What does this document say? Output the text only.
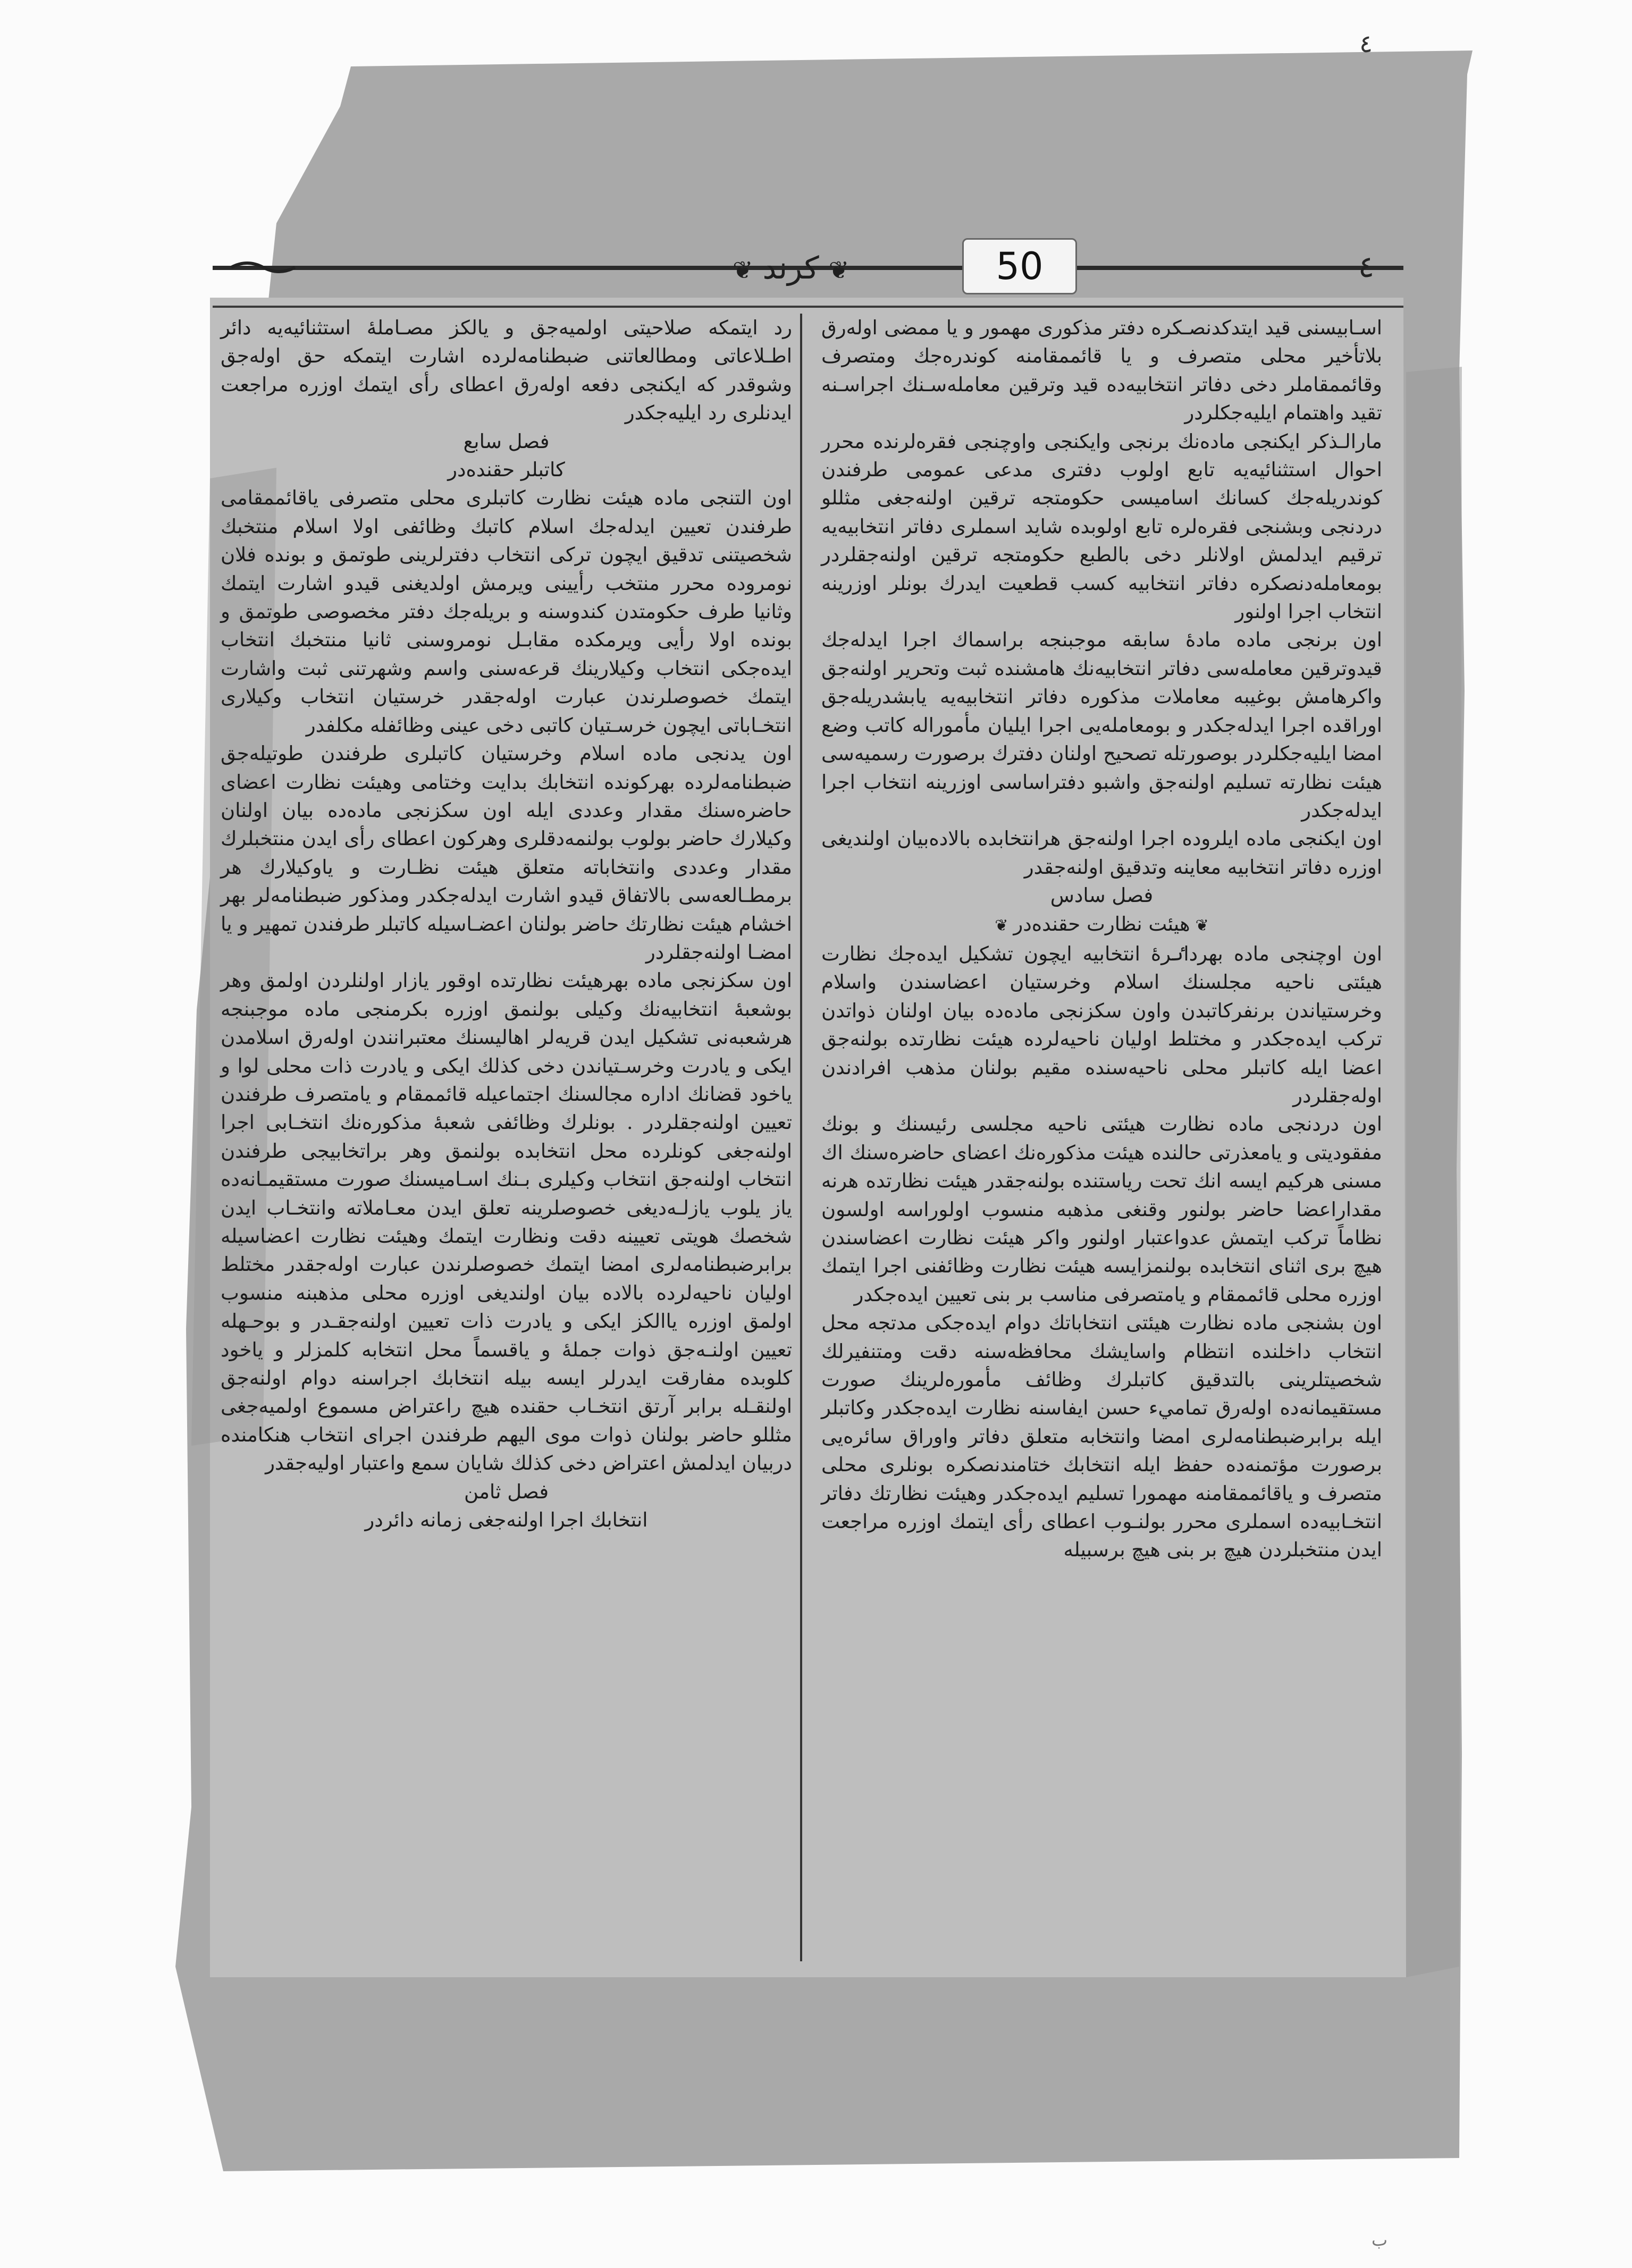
٤
❦كرند❦	50	٤

اسـابيسنى قيد ايتدكدنصـكره دفتر مذكورى مهمور و يا ممضى اولەرق بلاتأخير محلى متصرف و يا قائممقامنه كوندرەجك ومتصرف وقائممقاملر دخى دفاتر انتخابيەده قيد وترقين معاملەسـنك اجراسـنه تقيد واهتمام ايليەجكلردر

مارالـذكر ايكنجى مادەنك برنجى وايكنجى واوچنجى فقرەلرنده محرر احوال استثنائيەيه تابع اولوب دفترى مدعى عمومى طرفندن كوندريلەجك كسانك اساميسى حكومتجه ترقين اولنەجغى مثللو دردنجى وبشنجى فقرەلره تابع اولوبده شايد اسملرى دفاتر انتخابيەيه ترقيم ايدلمش اولانلر دخى بالطبع حكومتجه ترقين اولنەجقلردر بومعاملەدنصكره دفاتر انتخابيه كسب قطعيت ايدرك بونلر اوزرينه انتخاب اجرا اولنور

اون برنجى ماده مادۀ سابقه موجبنجه براسماك اجرا ايدلەجك قيدوترقين معاملەسى دفاتر انتخابيەنك هامشنده ثبت وتحرير اولنەجق واكرهامش بوغيبه معاملات مذكوره دفاتر انتخابيەيه يابشدريلەجق اوراقده اجرا ايدلەجكدر و بومعاملەيى اجرا ايليان مأموراله كاتب وضع امضا ايليەجكلردر بوصورتله تصحيح اولنان دفترك برصورت رسميەسى هيئت نظارته تسليم اولنەجق واشبو دفتراساسى اوزرينه انتخاب اجرا ايدلەجكدر

اون ايكنجى ماده ايلرودە اجرا اولنەجق هرانتخابده بالادەبيان اولنديغى اوزره دفاتر انتخابيه معاينه وتدقيق اولنەجقدر

فصل سادس

❦هيئت نظارت حقندەدر❦

اون اوچنجى ماده بهرداٸرۀ انتخابيه ايچون تشكيل ايدەجك نظارت هيئتى ناحيه مجلسنك اسلام وخرستيان اعضاسندن واسلام وخرستياندن برنفركاتبدن واون سكزنجى مادەده بيان اولنان ذواتدن تركب ايدەجكدر و مختلط اوليان ناحيەلرده هيئت نظارتده بولنەجق اعضا ايله كاتبلر محلى ناحيەسنده مقيم بولنان مذهب افرادندن اولەجقلردر

اون دردنجى ماده نظارت هيئتى ناحيه مجلسى رئيسنك و بونك مفقوديتى و يامعذرتى حالنده هيئت مذكورەنك اعضاى حاضرەسنك اك مسنى هركيم ايسه انك تحت رياستنده بولنەجقدر هيئت نظارتده هرنه مقداراعضا حاضر بولنور وقنغى مذهبه منسوب اولوراسه اولسون نظاماً تركب ايتمش عدواعتبار اولنور واكر هيئت نظارت اعضاسندن هيچ برى اثناى انتخابده بولنمزايسه هيئت نظارت وظائفنى اجرا ايتمك اوزره محلى قائممقام و يامتصرفى مناسب بر بنى تعيين ايدەجكدر

اون بشنجى ماده نظارت هيئتى انتخاباتك دوام ايدەجكى مدتجه محل انتخاب داخلنده انتظام واسايشك محافظەسنه دقت ومتنفيرلك شخصيتلرينى بالتدقيق كاتبلرك وظائف مأمورەلرينك صورت مستقيمانەده اولەرق تماميء حسن ايفاسنه نظارت ايدەجكدر وكاتبلر ايله برابرضبطنامەلرى امضا وانتخابه متعلق دفاتر واوراق سائرەيى برصورت مؤتمنەده حفظ ايله انتخابك ختامندنصكره بونلرى محلى متصرف و ياقائممقامنه مهمورا تسليم ايدەجكدر وهيئت نظارتك دفاتر انتخـابيەده اسملرى محرر بولنـوب اعطاى رأى ايتمك اوزره مراجعت ايدن منتخبلردن هيچ بر بنى هيچ برسبيله

رد ايتمكه صلاحيتى اولميەجق و يالكز مصـاملۀ استثنائيەيه دائر اطـلاعاتى ومطالعاتنى ضبطنامەلرده اشارت ايتمكه حق اولەجق وشوقدر كه ايكنجى دفعه اولەرق اعطاى رأى ايتمك اوزره مراجعت ايدنلرى رد ايليەجكدر

فصل سابع

كاتبلر حقندەدر

اون التنجى ماده هيئت نظارت كاتبلرى محلى متصرفى ياقائممقامى طرفندن تعيين ايدلەجك اسلام كاتبك وظائفى اولا اسلام منتخبك شخصيتنى تدقيق ايچون تركى انتخاب دفترلرينى طوتمق و بونده فلان نومرودە محرر منتخب رأيينى ويرمش اولديغنى قيدو اشارت ايتمك وثانيا طرف حكومتدن كندوسنه و بريلەجك دفتر مخصوصى طوتمق و بونده اولا رأيى ويرمكده مقابـل نومروسنى ثانيا منتخبك انتخاب ايدەجكى انتخاب وكيلارينك قرعەسنى واسم وشهرتنى ثبت واشارت ايتمك خصوصلرندن عبارت اولەجقدر خرستيان انتخاب وكيلارى انتخـاباتى ايچون خرسـتيان كاتبى دخى عينى وظائفله مكلفدر

اون يدنجى ماده اسلام وخرستيان كاتبلرى طرفندن طوتيلەجق ضبطنامەلرده بهركونده انتخابك بدايت وختامى وهيئت نظارت اعضاى حاضرەسنك مقدار وعددى ايله اون سكزنجى مادەدە بيان اولنان وكيلارك حاضر بولوب بولنمەدقلرى وهركون اعطاى رأى ايدن منتخبلرك مقدار وعددى وانتخاباته متعلق هيئت نظـارت و ياوكيلارك هر برمطـالعەسى بالاتفاق قيدو اشارت ايدلەجكدر ومذكور ضبطنامەلر بهر اخشام هيئت نظارتك حاضر بولنان اعضـاسيله كاتبلر طرفندن تمهير و يا امضـا اولنەجقلردر

اون سكزنجى ماده بهرهيئت نظارتدە اوقور يازار اولنلردن اولمق وهر بوشعبۀ انتخابيەنك وكيلى بولنمق اوزره بكرمنجى ماده موجبنجه هرشعبەنى تشكيل ايدن قريەلر اهاليسنك معتبرانندن اولەرق اسلامدن ايكى و يادرت وخرسـتياندن دخى كذلك ايكى و يادرت ذات محلى لوا و ياخود قضانك اداره مجالسنك اجتماعيله قائممقام و يامتصرف طرفندن تعيين اولنەجقلردر . بونلرك وظائفى شعبۀ مذكورەنك انتخـابى اجرا اولنەجغى كونلرده محل انتخابده بولنمق وهر براتخابيجى طرفندن انتخاب اولنەجق انتخاب وكيلرى بـنك اسـاميسنك صورت مستقيمـانەده ياز يلوب يازلـەديغى خصوصلرينه تعلق ايدن معـاملاته وانتخـاب ايدن شخصك هويتى تعيينه دقت ونظارت ايتمك وهيئت نظارت اعضاسيله برابرضبطنامەلرى امضا ايتمك خصوصلرندن عبارت اولەجقدر مختلط اوليان ناحيەلرده بالادە بيان اولنديغى اوزره محلى مذهبنه منسوب اولمق اوزره ياالكز ايكى و يادرت ذات تعيين اولنەجقـدر و بوحـهله تعيين اولنـەجق ذوات جملۀ و ياقسماً محل انتخابه كلمزلر و ياخود كلوبده مفارقت ايدرلر ايسه بيله انتخابك اجراسنه دوام اولنەجق اولنقـله برابر آرتق انتخـاب حقنده هيچ راعتراض مسموع اولميەجغى مثللو حاضر بولنان ذوات موى اليهم طرفندن اجراى انتخاب هنكامنده دربيان ايدلمش اعتراض دخى كذلك شايان سمع واعتبار اوليەجقدر

فصل ثامن

انتخابك اجرا اولنەجغى زمانه دائردر

ب
